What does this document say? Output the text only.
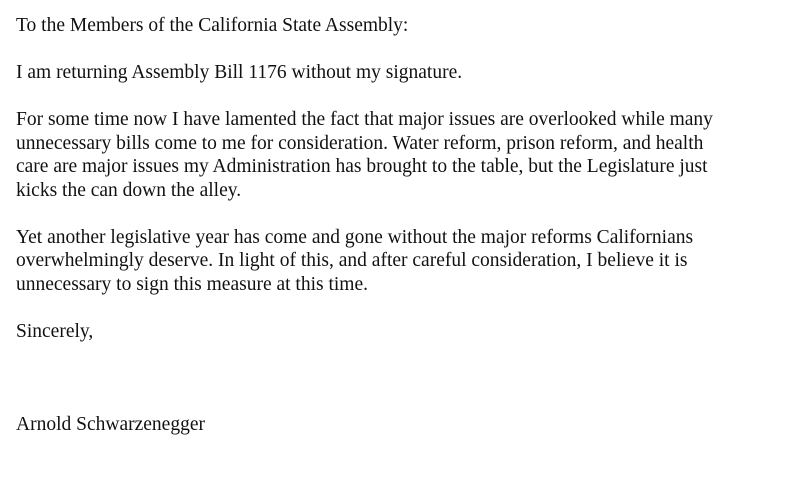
To the Members of the California State Assembly:
I am returning Assembly Bill 1176 without my signature.
For some time now I have lamented the fact that major issues are overlooked while many
unnecessary bills come to me for consideration. Water reform, prison reform, and health
care are major issues my Administration has brought to the table, but the Legislature just
kicks the can down the alley.
Yet another legislative year has come and gone without the major reforms Californians
overwhelmingly deserve. In light of this, and after careful consideration, I believe it is
unnecessary to sign this measure at this time.
Sincerely,
Arnold Schwarzenegger
